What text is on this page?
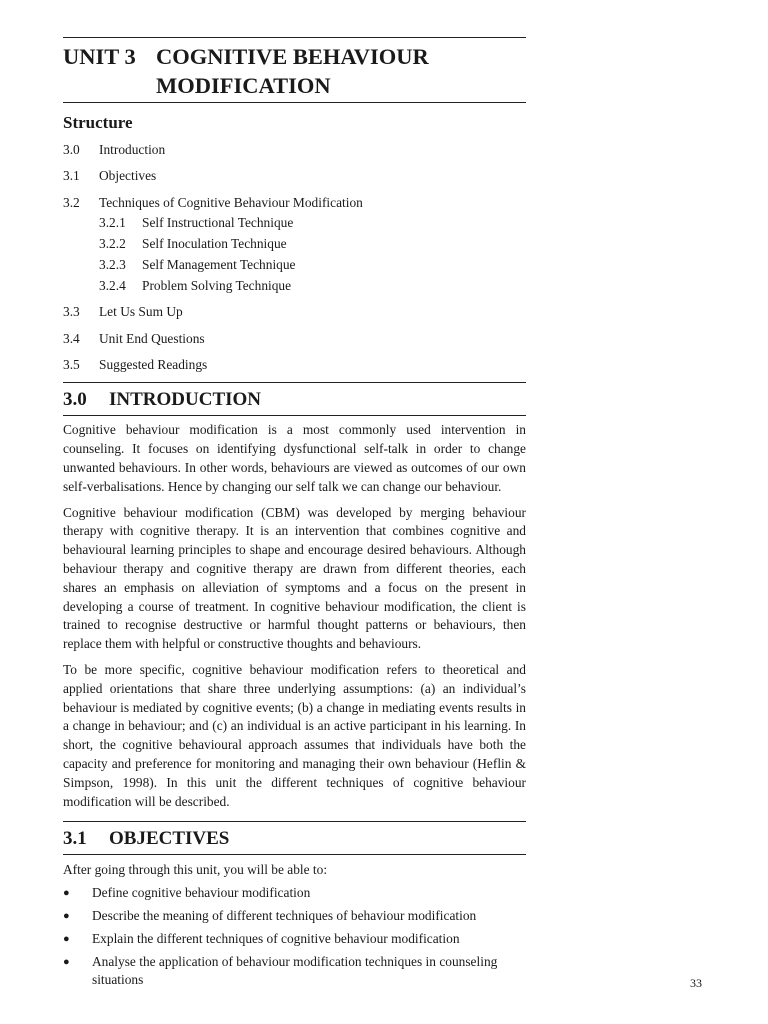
UNIT 3 COGNITIVE BEHAVIOUR
MODIFICATION
Structure
3.0	Introduction
3.1	Objectives
3.2	Techniques of Cognitive Behaviour Modification
3.2.1	Self Instructional Technique
3.2.2	Self Inoculation Technique
3.2.3	Self Management Technique
3.2.4	Problem Solving Technique
3.3	Let Us Sum Up
3.4	Unit End Questions
3.5	Suggested Readings
3.0	INTRODUCTION

Cognitive behaviour modification is a most commonly used intervention in counseling. It focuses on identifying dysfunctional self-talk in order to change unwanted behaviours. In other words, behaviours are viewed as outcomes of our own self-verbalisations. Hence by changing our self talk we can change our behaviour.

Cognitive behaviour modification (CBM) was developed by merging behaviour therapy with cognitive therapy. It is an intervention that combines cognitive and behavioural learning principles to shape and encourage desired behaviours. Although behaviour therapy and cognitive therapy are drawn from different theories, each shares an emphasis on alleviation of symptoms and a focus on the present in developing a course of treatment. In cognitive behaviour modification, the client is trained to recognise destructive or harmful thought patterns or behaviours, then replace them with helpful or constructive thoughts and behaviours.

To be more specific, cognitive behaviour modification refers to theoretical and applied orientations that share three underlying assumptions: (a) an individual’s behaviour is mediated by cognitive events; (b) a change in mediating events results in a change in behaviour; and (c) an individual is an active participant in his learning. In short, the cognitive behavioural approach assumes that individuals have both the capacity and preference for monitoring and managing their own behaviour (Heflin & Simpson, 1998). In this unit the different techniques of cognitive behaviour modification will be described.

3.1	OBJECTIVES

After going through this unit, you will be able to:

●	Define cognitive behaviour modification
●	Describe the meaning of different techniques of behaviour modification
●	Explain the different techniques of cognitive behaviour modification
●	Analyse the application of behaviour modification techniques in counseling situations	33
